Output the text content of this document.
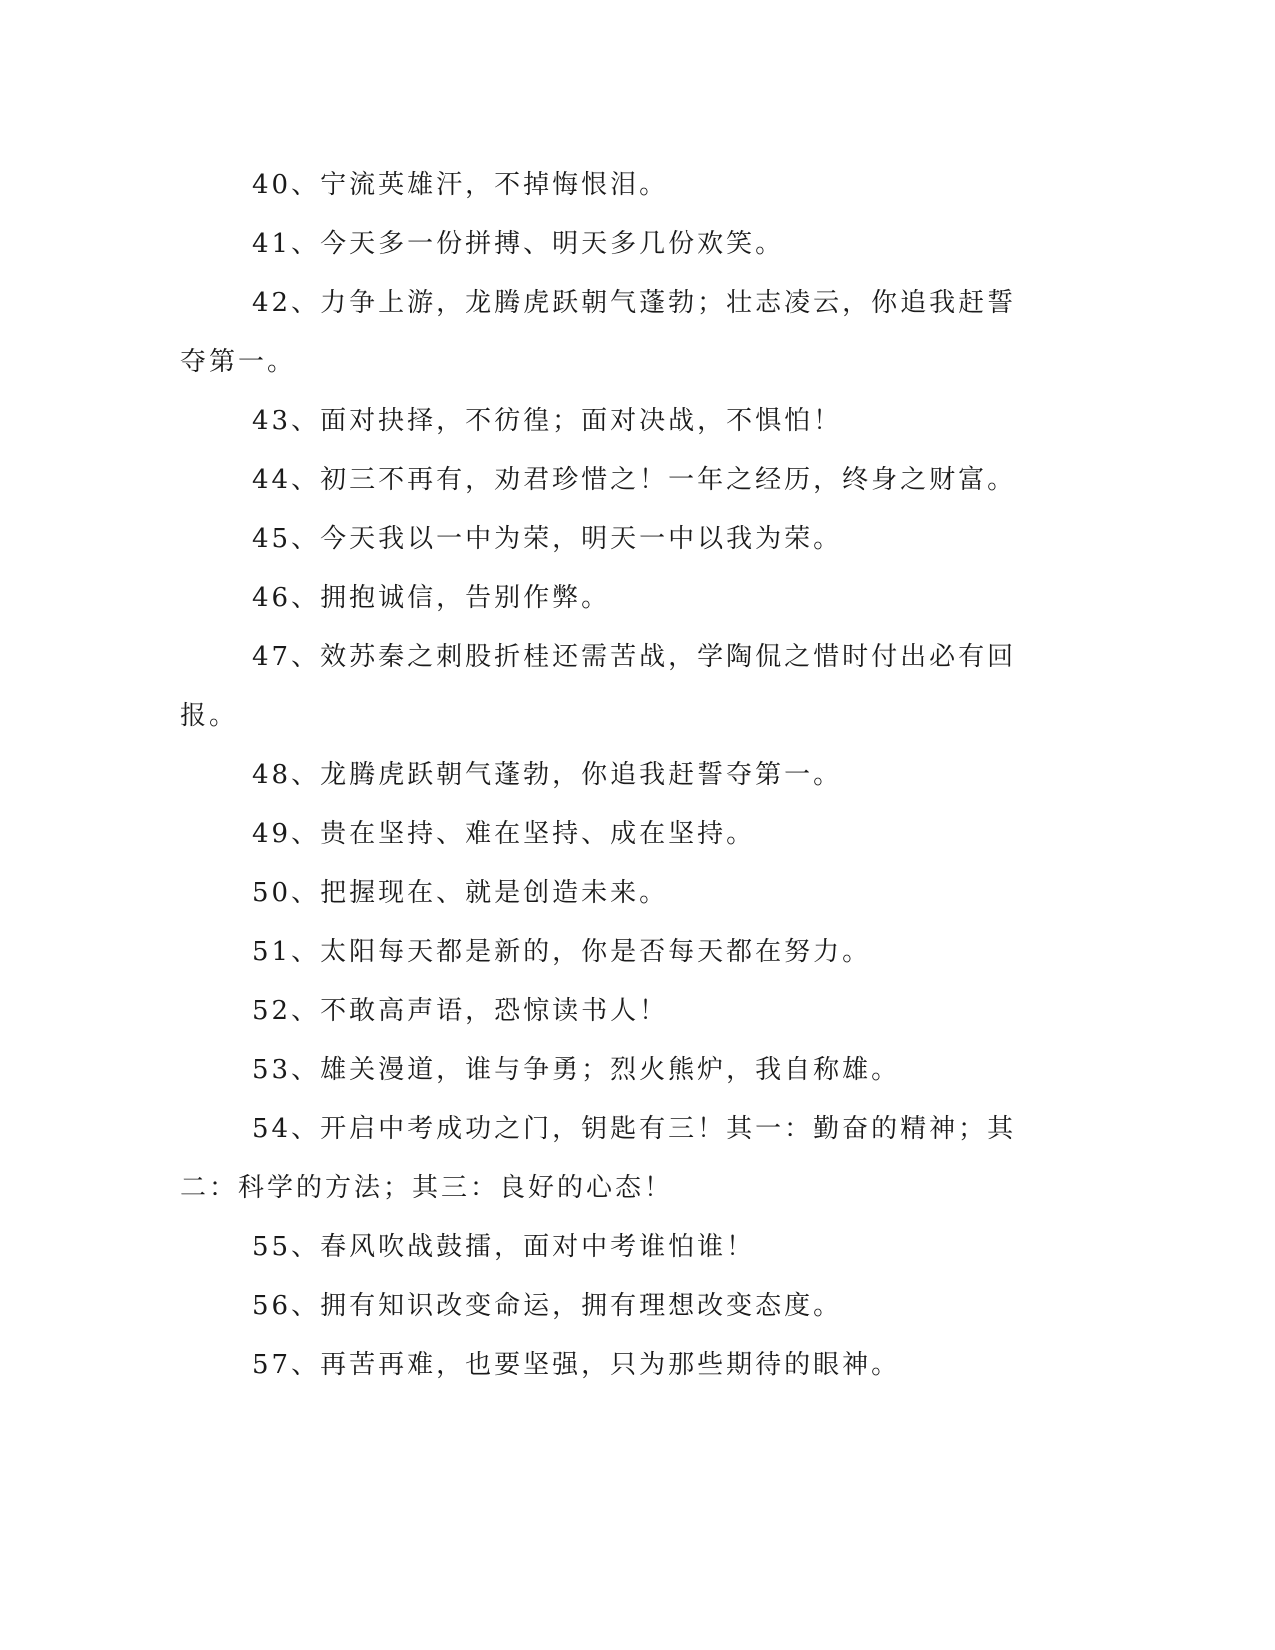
40、宁流英雄汗，不掉悔恨泪。

41、今天多一份拼搏、明天多几份欢笑。

42、力争上游，龙腾虎跃朝气蓬勃；壮志凌云，你追我赶誓夺第一。

43、面对抉择，不彷徨；面对决战，不惧怕！

44、初三不再有，劝君珍惜之！一年之经历，终身之财富。

45、今天我以一中为荣，明天一中以我为荣。

46、拥抱诚信，告别作弊。

47、效苏秦之刺股折桂还需苦战，学陶侃之惜时付出必有回报。

48、龙腾虎跃朝气蓬勃，你追我赶誓夺第一。

49、贵在坚持、难在坚持、成在坚持。

50、把握现在、就是创造未来。

51、太阳每天都是新的，你是否每天都在努力。

52、不敢高声语，恐惊读书人！

53、雄关漫道，谁与争勇；烈火熊炉，我自称雄。

54、开启中考成功之门，钥匙有三！其一：勤奋的精神；其二：科学的方法；其三：良好的心态！

55、春风吹战鼓擂，面对中考谁怕谁！

56、拥有知识改变命运，拥有理想改变态度。

57、再苦再难，也要坚强，只为那些期待的眼神。
